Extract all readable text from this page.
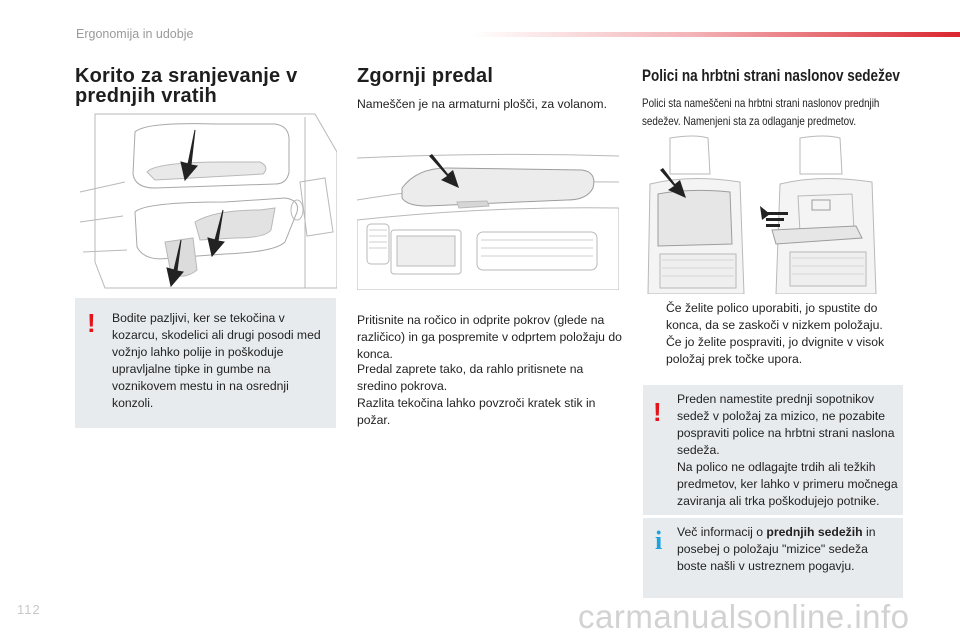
Ergonomija in udobje
Korito za sranjevanje v prednjih vratih
! Bodite pazljivi, ker se tekočina v kozarcu, skodelici ali drugi posodi med vožnjo lahko polije in poškoduje upravljalne tipke in gumbe na voznikovem mestu in na osrednji konzoli.
Zgornji predal
Nameščen je na armaturni plošči, za volanom.
Pritisnite na ročico in odprite pokrov (glede na različico) in ga pospremite v odprtem položaju do konca.
Predal zaprete tako, da rahlo pritisnete na sredino pokrova.
Razlita tekočina lahko povzroči kratek stik in požar.
Polici na hrbtni strani naslonov sedežev
Polici sta nameščeni na hrbtni strani naslonov prednjih sedežev. Namenjeni sta za odlaganje predmetov.
Če želite polico uporabiti, jo spustite do konca, da se zaskoči v nizkem položaju.
Če jo želite pospraviti, jo dvignite v visok položaj prek točke upora.
! Preden namestite prednji sopotnikov sedež v položaj za mizico, ne pozabite pospraviti police na hrbtni strani naslona sedeža.
Na polico ne odlagajte trdih ali težkih predmetov, ker lahko v primeru močnega zaviranja ali trka poškodujejo potnike.
i Več informacij o prednjih sedežih in posebej o položaju "mizice" sedeža boste našli v ustreznem pogavju.
112	carmanualsonline.info
